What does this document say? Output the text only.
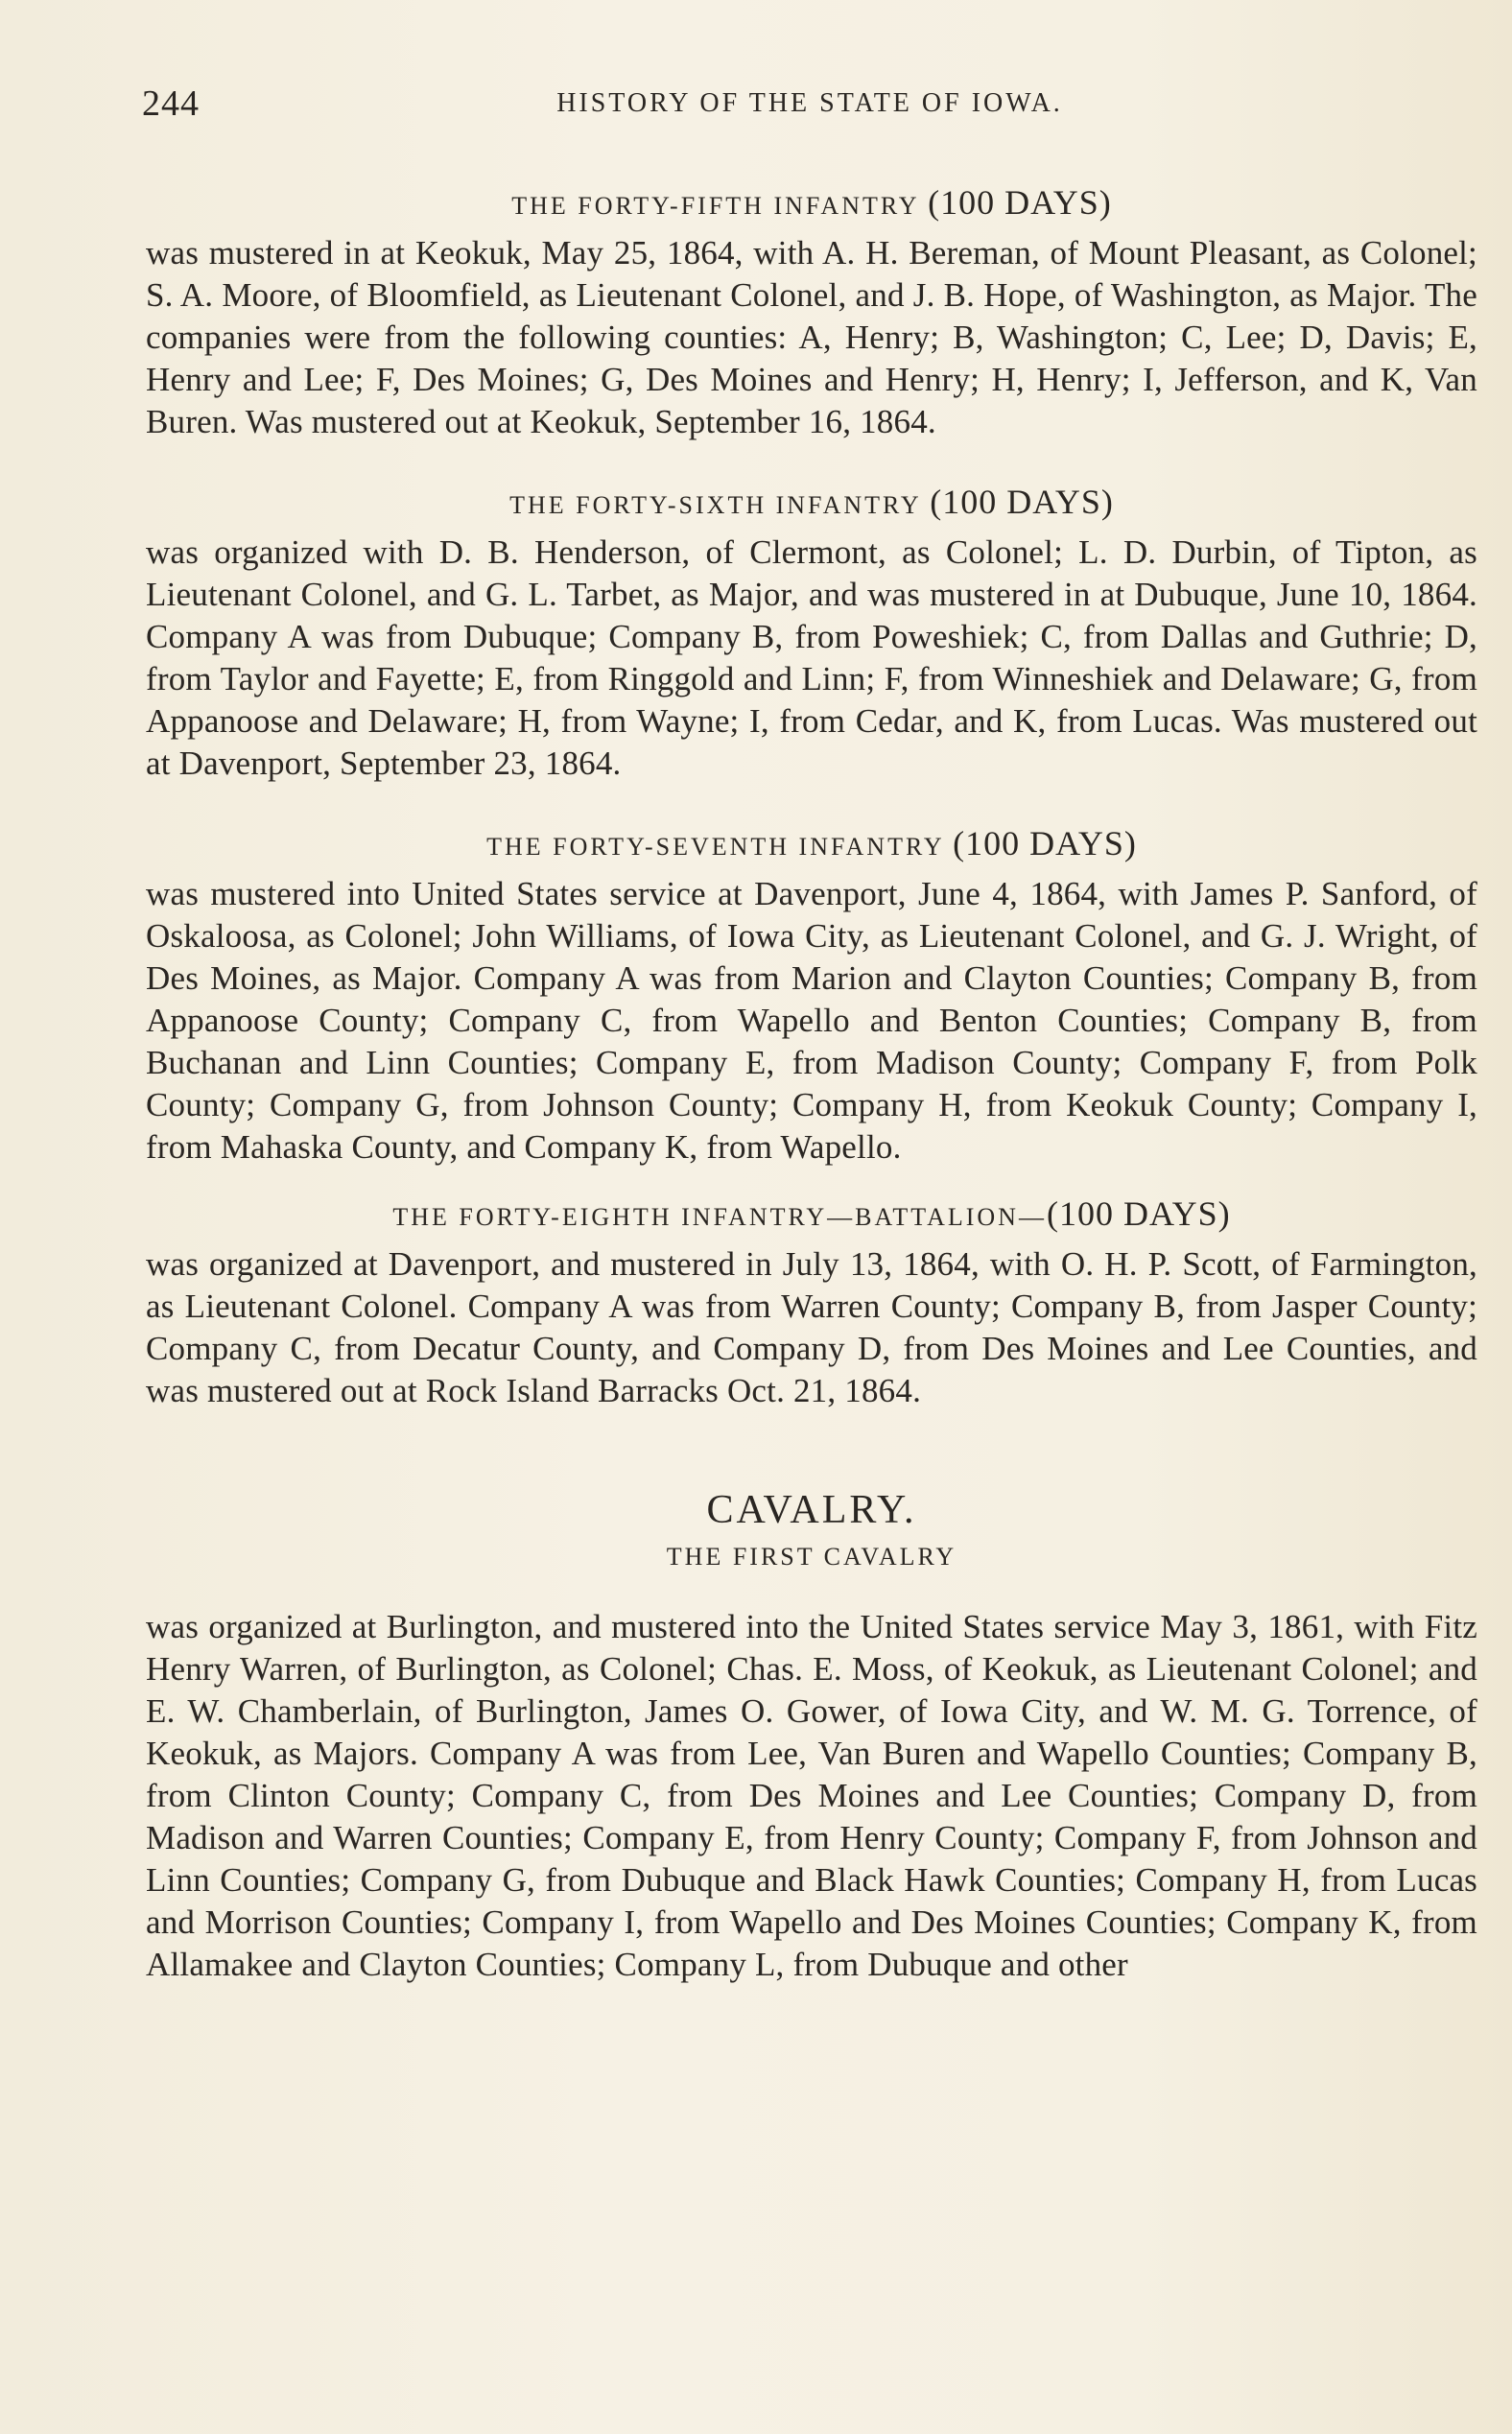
244	HISTORY OF THE STATE OF IOWA.

THE FORTY-FIFTH INFANTRY (100 DAYS)

was mustered in at Keokuk, May 25, 1864, with A. H. Bereman, of Mount Pleasant, as Colonel; S. A. Moore, of Bloomfield, as Lieutenant Colonel, and J. B. Hope, of Washington, as Major. The companies were from the following counties: A, Henry; B, Washington; C, Lee; D, Davis; E, Henry and Lee; F, Des Moines; G, Des Moines and Henry; H, Henry; I, Jefferson, and K, Van Buren. Was mustered out at Keokuk, September 16, 1864.

THE FORTY-SIXTH INFANTRY (100 DAYS)

was organized with D. B. Henderson, of Clermont, as Colonel; L. D. Durbin, of Tipton, as Lieutenant Colonel, and G. L. Tarbet, as Major, and was mustered in at Dubuque, June 10, 1864. Company A was from Dubuque; Company B, from Poweshiek; C, from Dallas and Guthrie; D, from Taylor and Fayette; E, from Ringgold and Linn; F, from Winneshiek and Delaware; G, from Appanoose and Delaware; H, from Wayne; I, from Cedar, and K, from Lucas. Was mustered out at Davenport, September 23, 1864.

THE FORTY-SEVENTH INFANTRY (100 DAYS)

was mustered into United States service at Davenport, June 4, 1864, with James P. Sanford, of Oskaloosa, as Colonel; John Williams, of Iowa City, as Lieutenant Colonel, and G. J. Wright, of Des Moines, as Major. Company A was from Marion and Clayton Counties; Company B, from Appanoose County; Company C, from Wapello and Benton Counties; Company B, from Buchanan and Linn Counties; Company E, from Madison County; Company F, from Polk County; Company G, from Johnson County; Company H, from Keokuk County; Company I, from Mahaska County, and Company K, from Wapello.

THE FORTY-EIGHTH INFANTRY—BATTALION—(100 DAYS)

was organized at Davenport, and mustered in July 13, 1864, with O. H. P. Scott, of Farmington, as Lieutenant Colonel. Company A was from Warren County; Company B, from Jasper County; Company C, from Decatur County, and Company D, from Des Moines and Lee Counties, and was mustered out at Rock Island Barracks Oct. 21, 1864.

CAVALRY.

THE FIRST CAVALRY

was organized at Burlington, and mustered into the United States service May 3, 1861, with Fitz Henry Warren, of Burlington, as Colonel; Chas. E. Moss, of Keokuk, as Lieutenant Colonel; and E. W. Chamberlain, of Burlington, James O. Gower, of Iowa City, and W. M. G. Torrence, of Keokuk, as Majors. Company A was from Lee, Van Buren and Wapello Counties; Company B, from Clinton County; Company C, from Des Moines and Lee Counties; Company D, from Madison and Warren Counties; Company E, from Henry County; Company F, from Johnson and Linn Counties; Company G, from Dubuque and Black Hawk Counties; Company H, from Lucas and Morrison Counties; Company I, from Wapello and Des Moines Counties; Company K, from Allamakee and Clayton Counties; Company L, from Dubuque and other
